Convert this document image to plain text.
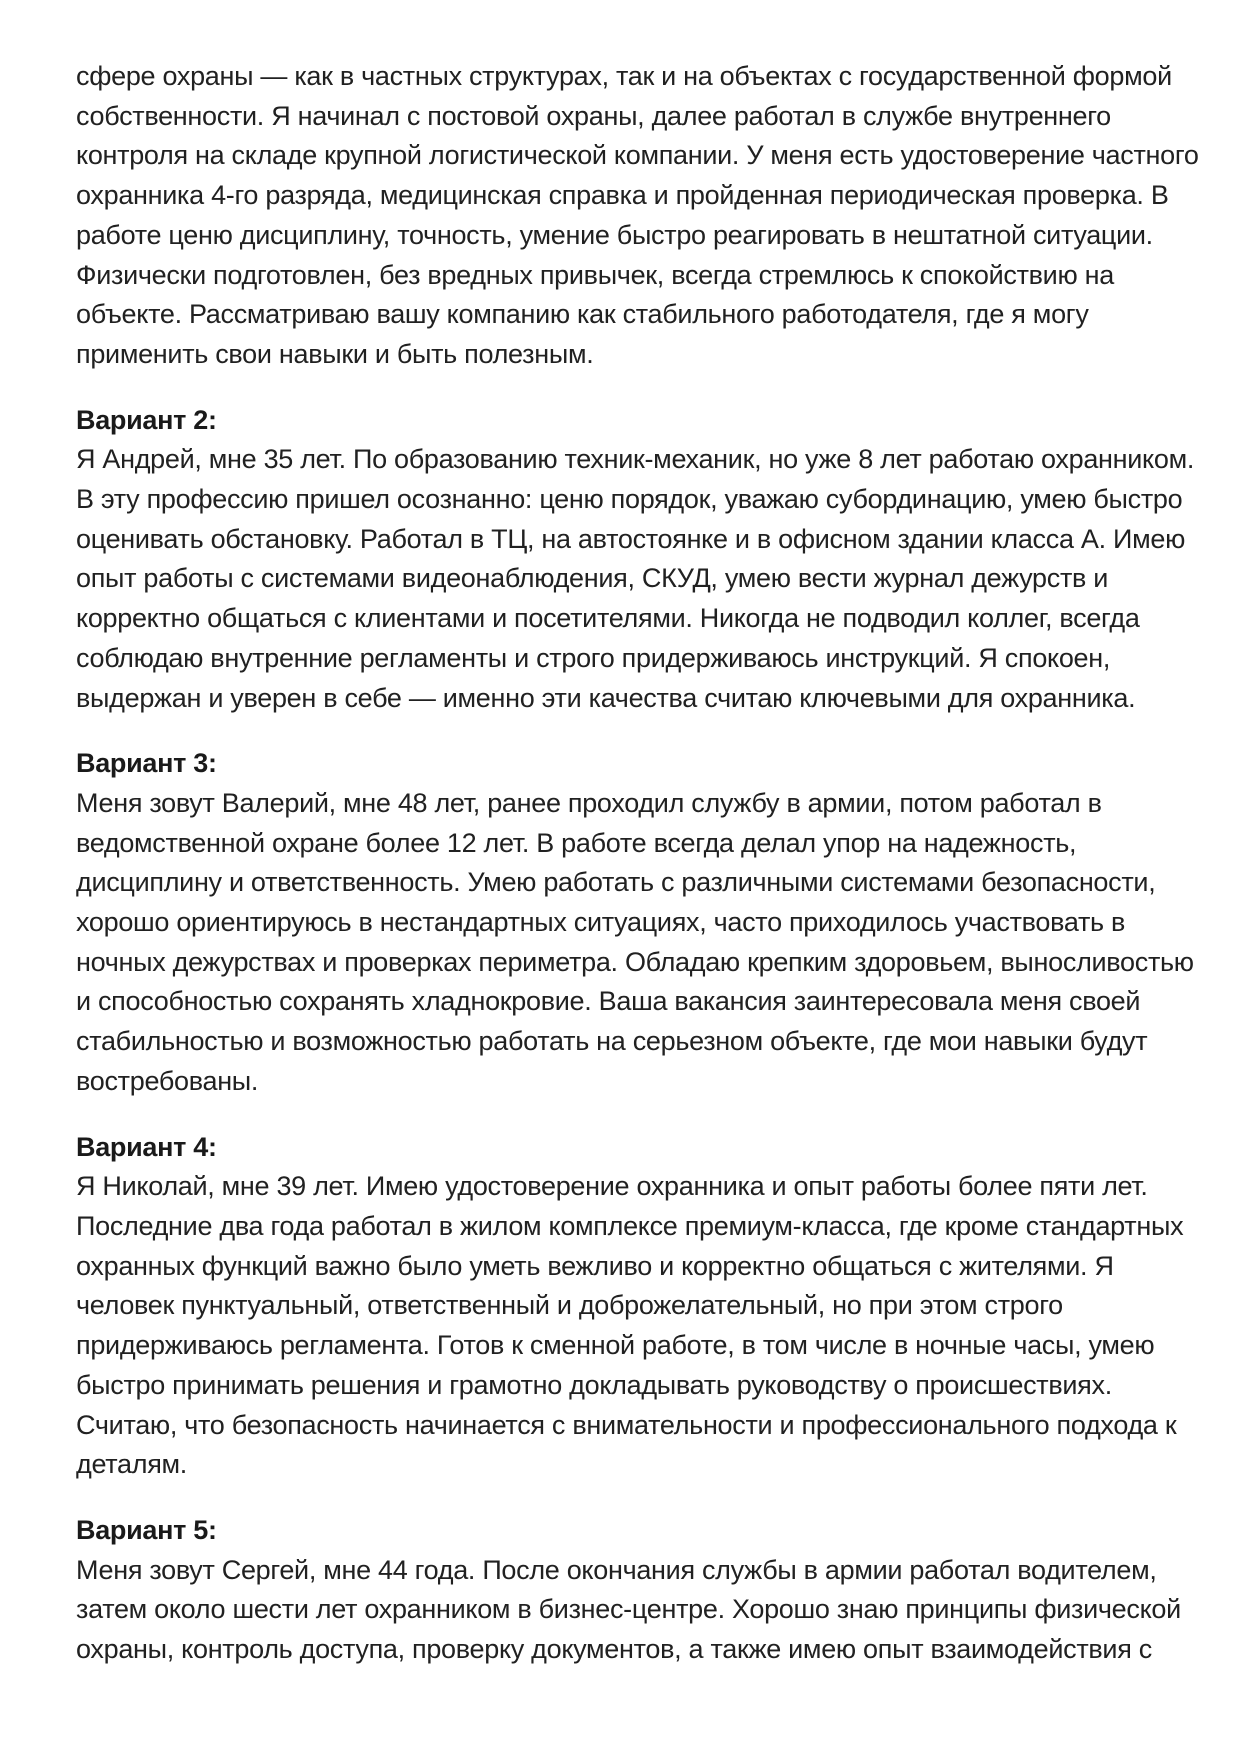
сфере охраны — как в частных структурах, так и на объектах с государственной формой
собственности. Я начинал с постовой охраны, далее работал в службе внутреннего
контроля на складе крупной логистической компании. У меня есть удостоверение частного
охранника 4-го разряда, медицинская справка и пройденная периодическая проверка. В
работе ценю дисциплину, точность, умение быстро реагировать в нештатной ситуации.
Физически подготовлен, без вредных привычек, всегда стремлюсь к спокойствию на
объекте. Рассматриваю вашу компанию как стабильного работодателя, где я могу
применить свои навыки и быть полезным.
Вариант 2:
Я Андрей, мне 35 лет. По образованию техник-механик, но уже 8 лет работаю охранником.
В эту профессию пришел осознанно: ценю порядок, уважаю субординацию, умею быстро
оценивать обстановку. Работал в ТЦ, на автостоянке и в офисном здании класса А. Имею
опыт работы с системами видеонаблюдения, СКУД, умею вести журнал дежурств и
корректно общаться с клиентами и посетителями. Никогда не подводил коллег, всегда
соблюдаю внутренние регламенты и строго придерживаюсь инструкций. Я спокоен,
выдержан и уверен в себе — именно эти качества считаю ключевыми для охранника.
Вариант 3:
Меня зовут Валерий, мне 48 лет, ранее проходил службу в армии, потом работал в
ведомственной охране более 12 лет. В работе всегда делал упор на надежность,
дисциплину и ответственность. Умею работать с различными системами безопасности,
хорошо ориентируюсь в нестандартных ситуациях, часто приходилось участвовать в
ночных дежурствах и проверках периметра. Обладаю крепким здоровьем, выносливостью
и способностью сохранять хладнокровие. Ваша вакансия заинтересовала меня своей
стабильностью и возможностью работать на серьезном объекте, где мои навыки будут
востребованы.
Вариант 4:
Я Николай, мне 39 лет. Имею удостоверение охранника и опыт работы более пяти лет.
Последние два года работал в жилом комплексе премиум-класса, где кроме стандартных
охранных функций важно было уметь вежливо и корректно общаться с жителями. Я
человек пунктуальный, ответственный и доброжелательный, но при этом строго
придерживаюсь регламента. Готов к сменной работе, в том числе в ночные часы, умею
быстро принимать решения и грамотно докладывать руководству о происшествиях.
Считаю, что безопасность начинается с внимательности и профессионального подхода к
деталям.
Вариант 5:
Меня зовут Сергей, мне 44 года. После окончания службы в армии работал водителем,
затем около шести лет охранником в бизнес-центре. Хорошо знаю принципы физической
охраны, контроль доступа, проверку документов, а также имею опыт взаимодействия с
